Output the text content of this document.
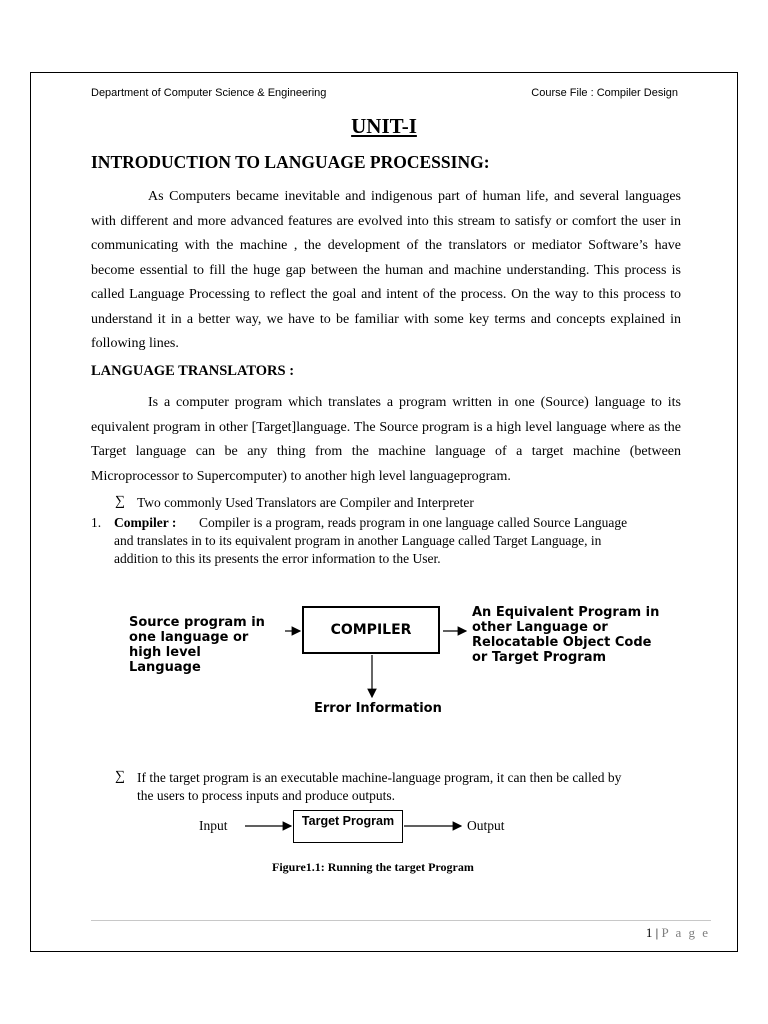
Department of Computer Science & Engineering	Course File : Compiler Design
UNIT-I
INTRODUCTION TO LANGUAGE PROCESSING:

As Computers became inevitable and indigenous part of human life, and several languages with different and more advanced features are evolved into this stream to satisfy or comfort the user in communicating with the machine , the development of the translators or mediator Software’s have become essential to fill the huge gap between the human and machine understanding. This process is called Language Processing to reflect the goal and intent of the process. On the way to this process to understand it in a better way, we have to be familiar with some key terms and concepts explained in following lines.

LANGUAGE TRANSLATORS :

Is a computer program which translates a program written in one (Source) language to its equivalent program in other [Target]language. The Source program is a high level language where as the Target language can be any thing from the machine language of a target machine (between Microprocessor to Supercomputer) to another high level languageprogram.

∑ Two commonly Used Translators are Compiler and Interpreter
1. Compiler : Compiler is a program, reads program in one language called Source Language
and translates in to its equivalent program in another Language called Target Language, in
addition to this its presents the error information to the User.
Source program in
one language or
high level
Language
COMPILER
An Equivalent Program in
other Language or
Relocatable Object Code
or Target Program
Error Information
∑ If the target program is an executable machine-language program, it can then be called by
the users to process inputs and produce outputs.
Input	Target Program	Output
Figure1.1: Running the target Program
1 | P a g e
